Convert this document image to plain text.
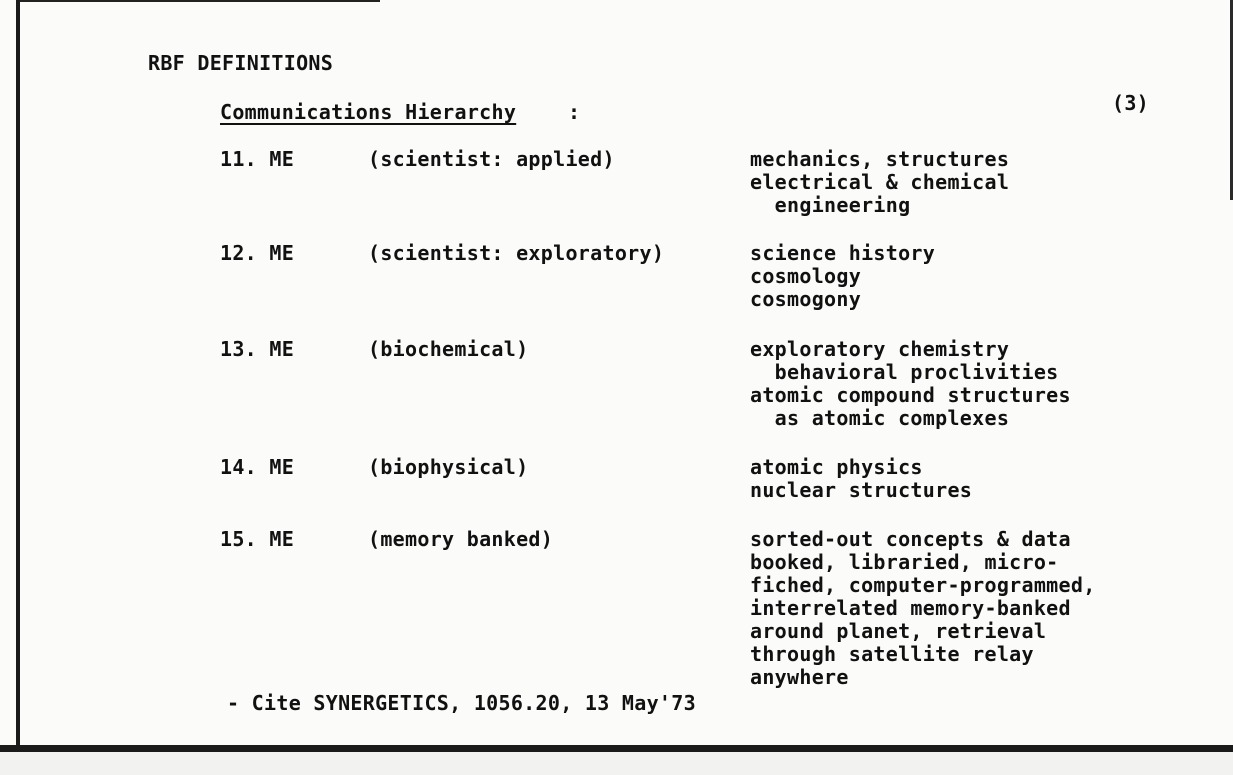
RBF DEFINITIONS
Communications Hierarchy	:	(3)
11. ME	(scientist: applied)	mechanics, structures
electrical & chemical
engineering
12. ME	(scientist: exploratory)	science history
cosmology
cosmogony
13. ME	(biochemical)	exploratory chemistry
behavioral proclivities
atomic compound structures
as atomic complexes
14. ME	(biophysical)	atomic physics
nuclear structures
15. ME	(memory banked)	sorted-out concepts & data
booked, libraried, micro-
fiched, computer-programmed,
interrelated memory-banked
around planet, retrieval
through satellite relay
anywhere
- Cite SYNERGETICS, 1056.20, 13 May'73
